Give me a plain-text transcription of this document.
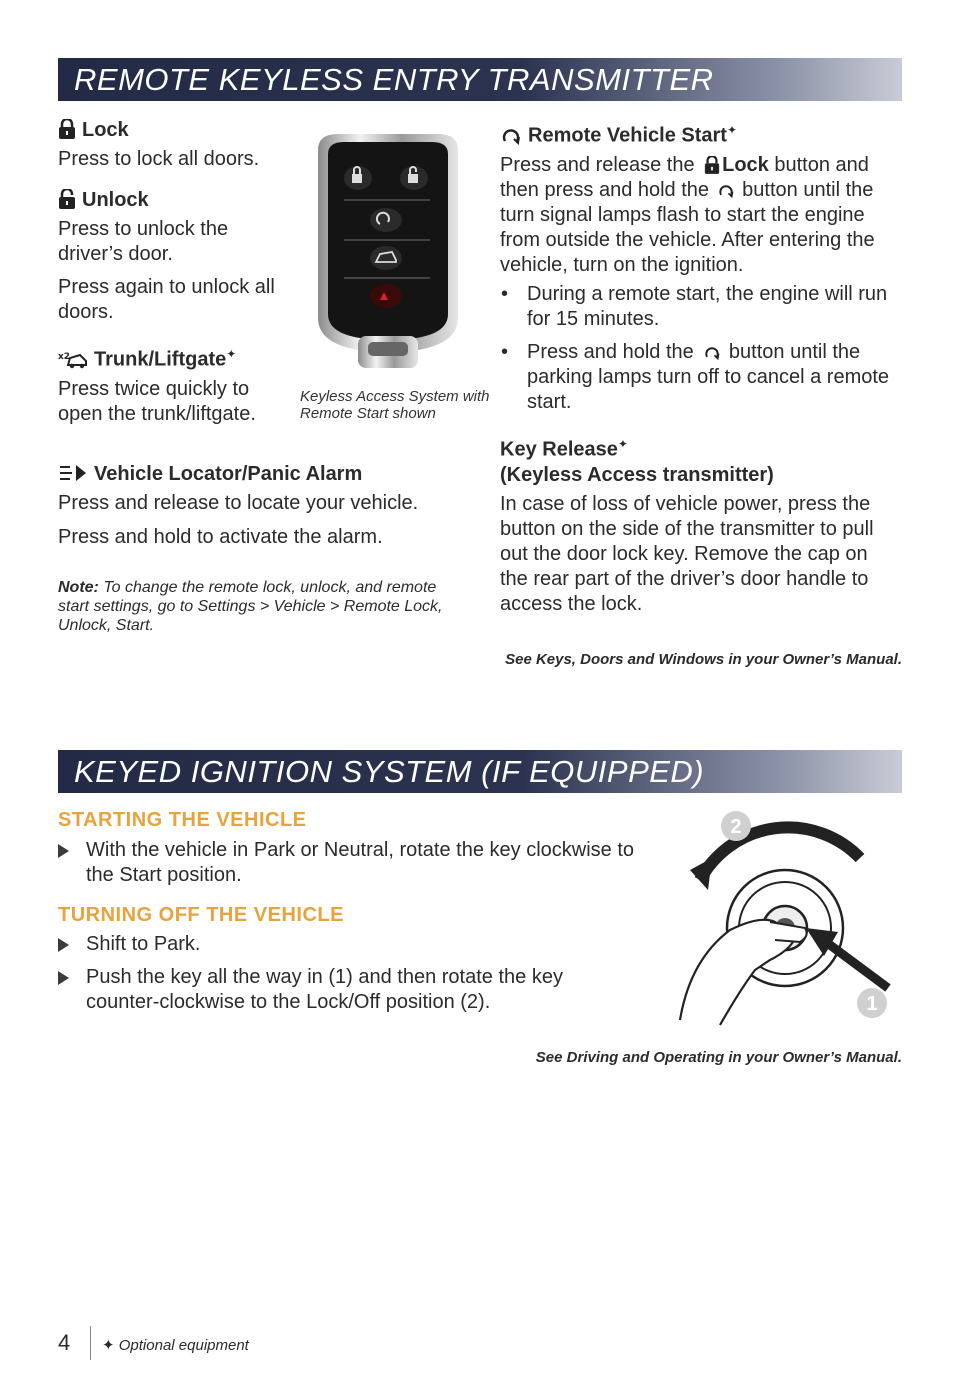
REMOTE KEYLESS ENTRY TRANSMITTER
Lock
Press to lock all doors.
Unlock
Press to unlock the driver’s door.
Press again to unlock all doors.
x2 Trunk/Liftgate✦
Press twice quickly to open the trunk/liftgate.
Keyless Access System with Remote Start shown
Vehicle Locator/Panic Alarm
Press and release to locate your vehicle.
Press and hold to activate the alarm.
Note: To change the remote lock, unlock, and remote start settings, go to Settings > Vehicle > Remote Lock, Unlock, Start.
Remote Vehicle Start✦
Press and release the Lock button and then press and hold the button until the turn signal lamps flash to start the engine from outside the vehicle. After entering the vehicle, turn on the ignition.
• During a remote start, the engine will run for 15 minutes.
• Press and hold the button until the parking lamps turn off to cancel a remote start.
Key Release✦
(Keyless Access transmitter)
In case of loss of vehicle power, press the button on the side of the transmitter to pull out the door lock key. Remove the cap on the rear part of the driver’s door handle to access the lock.
See Keys, Doors and Windows in your Owner’s Manual.
KEYED IGNITION SYSTEM (IF EQUIPPED)
STARTING THE VEHICLE
With the vehicle in Park or Neutral, rotate the key clockwise to the Start position.
TURNING OFF THE VEHICLE
Shift to Park.
Push the key all the way in (1) and then rotate the key counter-clockwise to the Lock/Off position (2).
2
1
See Driving and Operating in your Owner’s Manual.
4 ✦ Optional equipment
